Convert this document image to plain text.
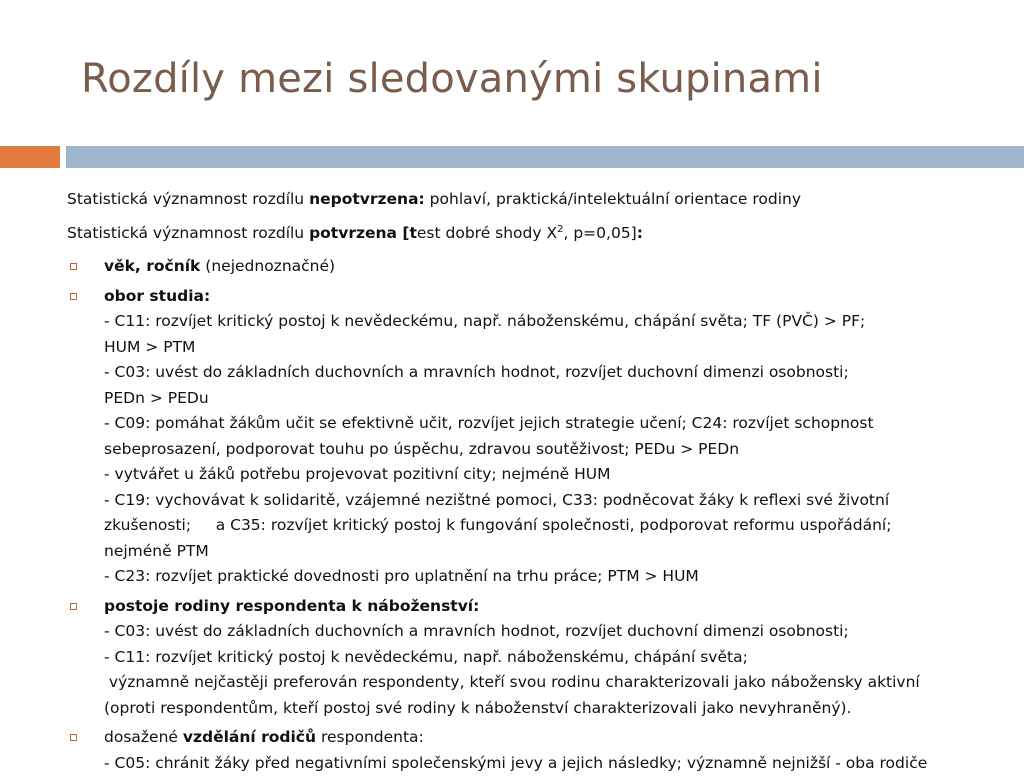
Rozdíly mezi sledovanými skupinami
Statistická významnost rozdílu nepotvrzena: pohlaví, praktická/intelektuální orientace rodiny
Statistická významnost rozdílu potvrzena [test dobré shody $X^2$, p=0,05]:
věk, ročník (nejednoznačné)
obor studia:
- C11: rozvíjet kritický postoj k nevědeckému, např. náboženskému, chápání světa; TF (PVČ) > PF;
HUM > PTM
- C03: uvést do základních duchovních a mravních hodnot, rozvíjet duchovní dimenzi osobnosti;
PEDn > PEDu
- C09: pomáhat žákům učit se efektivně učit, rozvíjet jejich strategie učení; C24: rozvíjet schopnost
sebeprosazení, podporovat touhu po úspěchu, zdravou soutěživost; PEDu > PEDn
- vytvářet u žáků potřebu projevovat pozitivní city; nejméně HUM
- C19: vychovávat k solidaritě, vzájemné nezištné pomoci, C33: podněcovat žáky k reflexi své životní
zkušenosti;     a C35: rozvíjet kritický postoj k fungování společnosti, podporovat reformu uspořádání;
nejméně PTM
- C23: rozvíjet praktické dovednosti pro uplatnění na trhu práce; PTM > HUM
postoje rodiny respondenta k náboženství:
- C03: uvést do základních duchovních a mravních hodnot, rozvíjet duchovní dimenzi osobnosti;
- C11: rozvíjet kritický postoj k nevědeckému, např. náboženskému, chápání světa;
významně nejčastěji preferován respondenty, kteří svou rodinu charakterizovali jako nábožensky aktivní
(oproti respondentům, kteří postoj své rodiny k náboženství charakterizovali jako nevyhraněný).
dosažené vzdělání rodičů respondenta:
- C05: chránit žáky před negativními společenskými jevy a jejich následky; významně nejnižší - oba rodiče
